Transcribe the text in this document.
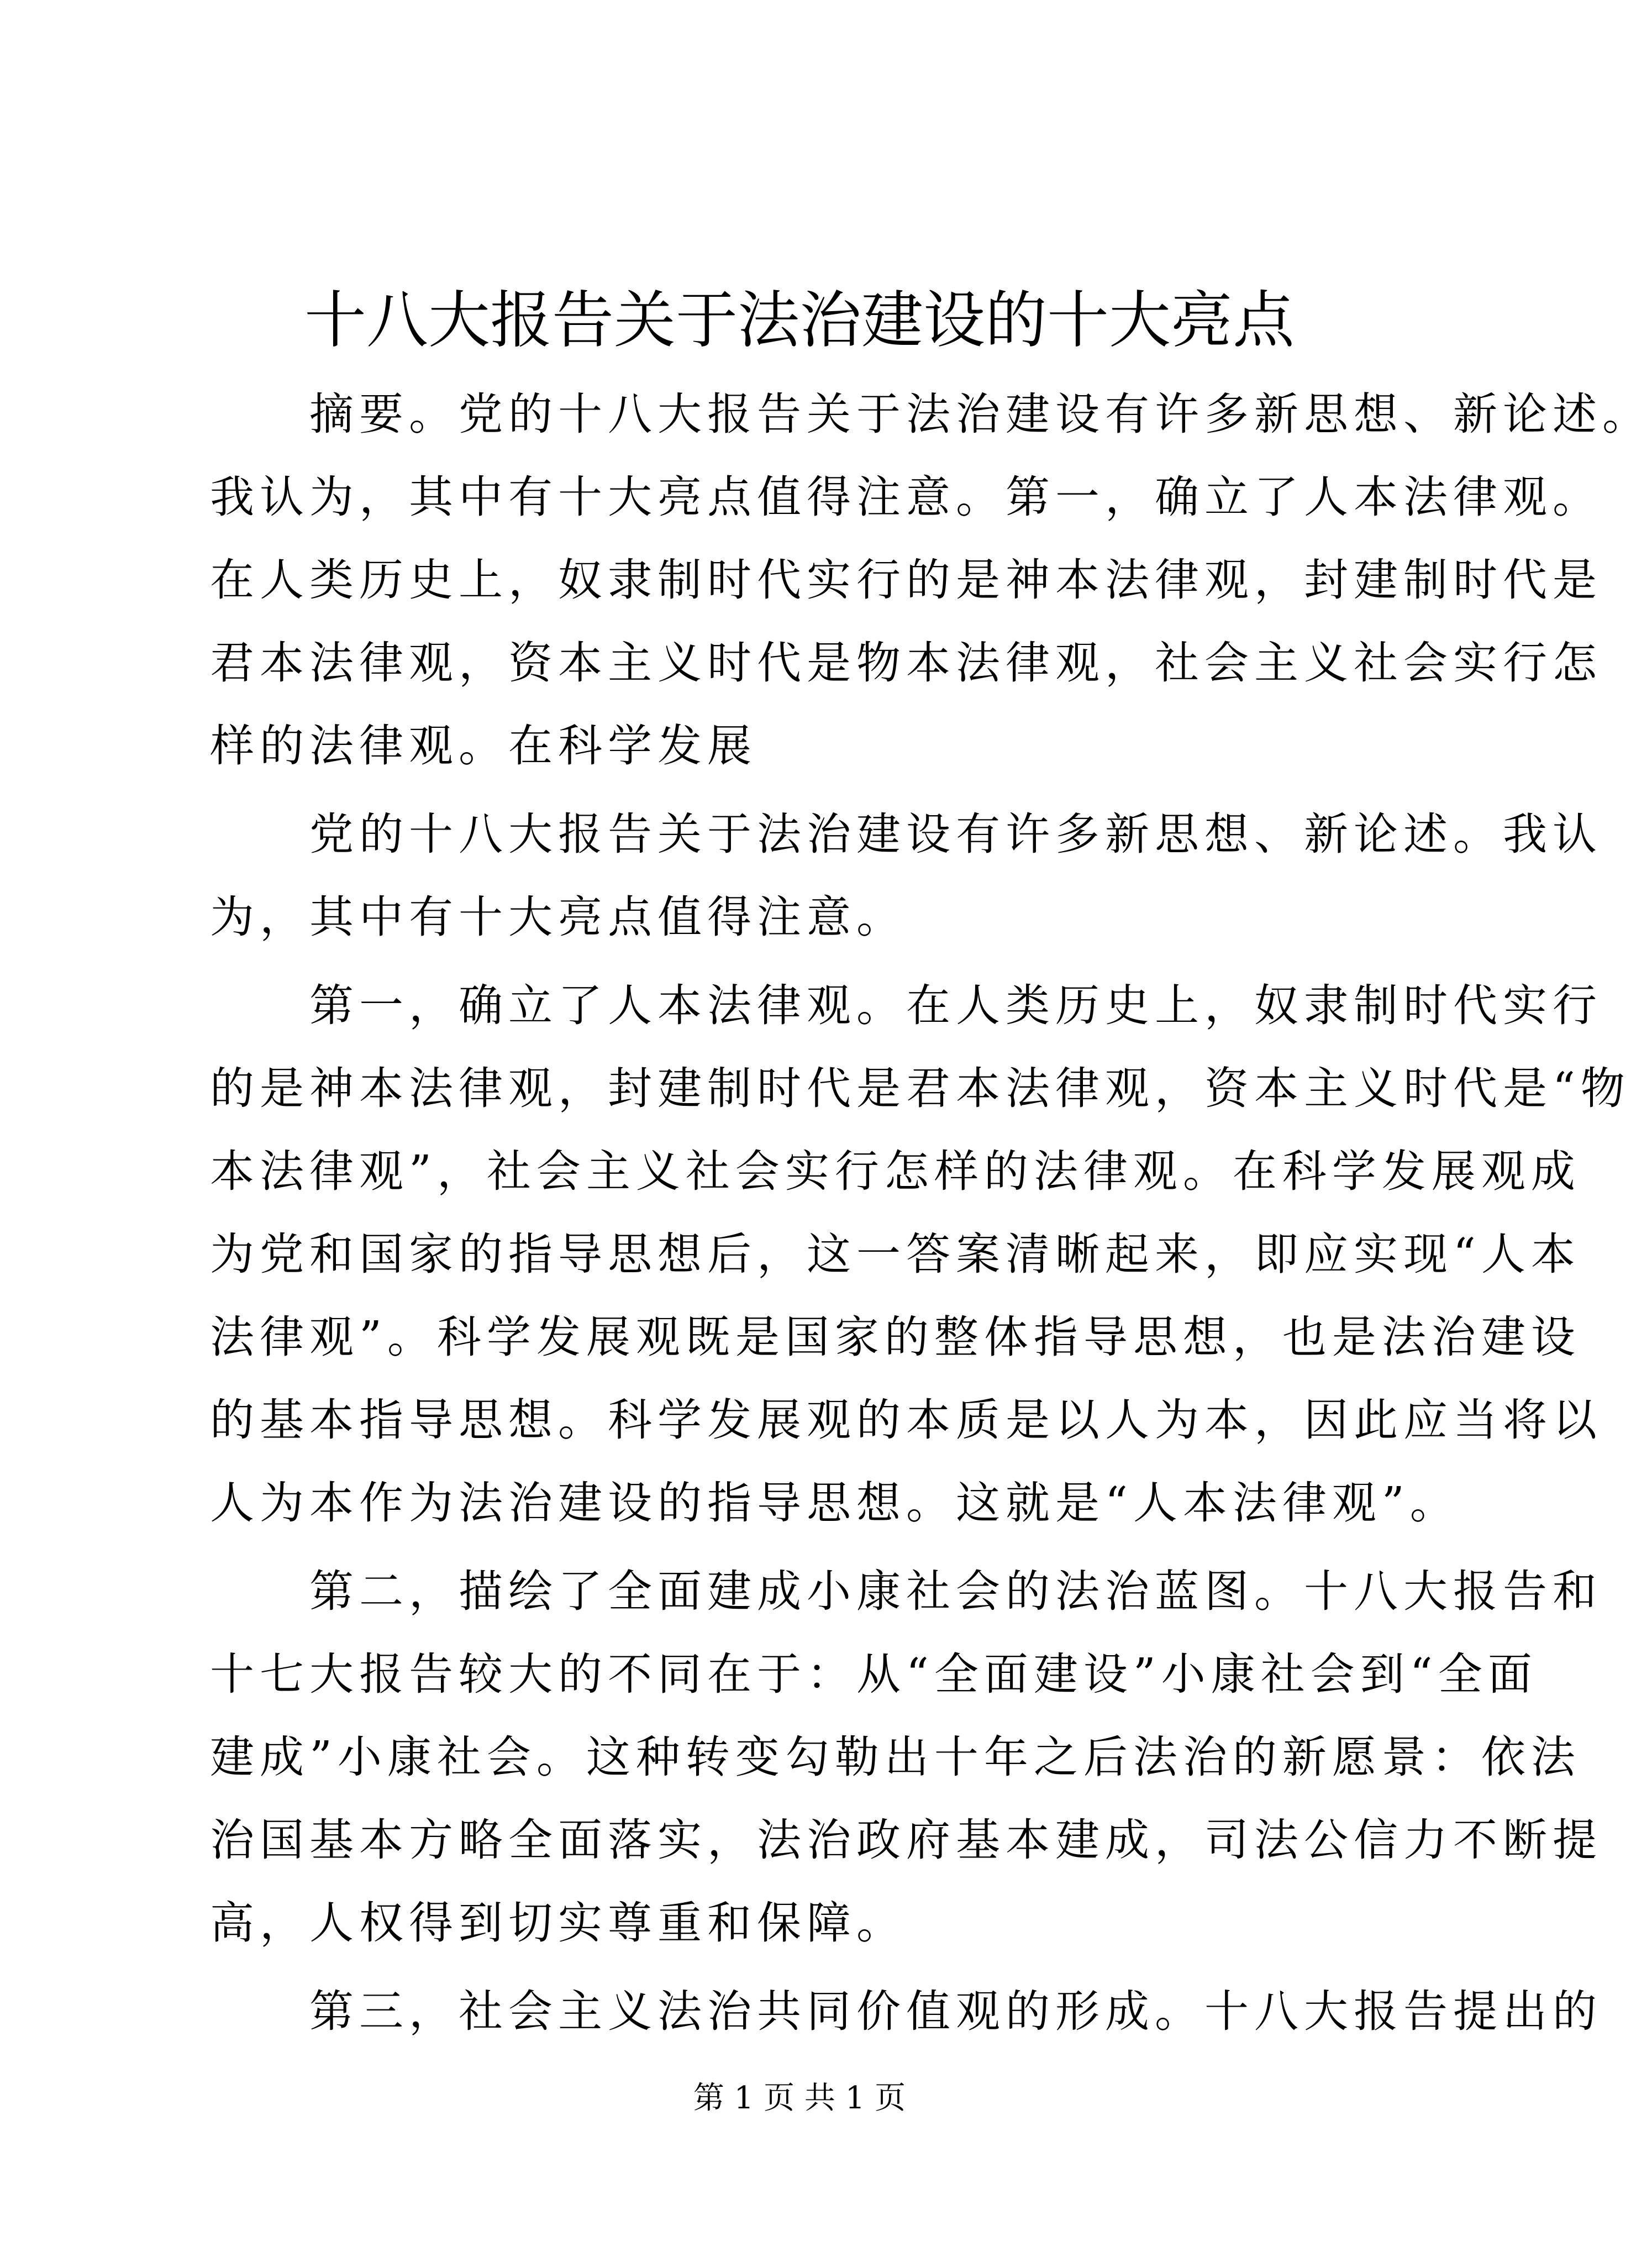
十八大报告关于法治建设的十大亮点
　　摘要。党的十八大报告关于法治建设有许多新思想、新论述。
我认为，其中有十大亮点值得注意。第一，确立了人本法律观。
在人类历史上，奴隶制时代实行的是神本法律观，封建制时代是
君本法律观，资本主义时代是物本法律观，社会主义社会实行怎
样的法律观。在科学发展
　　党的十八大报告关于法治建设有许多新思想、新论述。我认
为，其中有十大亮点值得注意。
　　第一，确立了人本法律观。在人类历史上，奴隶制时代实行
的是神本法律观，封建制时代是君本法律观，资本主义时代是“物
本法律观”，社会主义社会实行怎样的法律观。在科学发展观成
为党和国家的指导思想后，这一答案清晰起来，即应实现“人本
法律观”。科学发展观既是国家的整体指导思想，也是法治建设
的基本指导思想。科学发展观的本质是以人为本，因此应当将以
人为本作为法治建设的指导思想。这就是“人本法律观”。
　　第二，描绘了全面建成小康社会的法治蓝图。十八大报告和
十七大报告较大的不同在于：从“全面建设”小康社会到“全面
建成”小康社会。这种转变勾勒出十年之后法治的新愿景：依法
治国基本方略全面落实，法治政府基本建成，司法公信力不断提
高，人权得到切实尊重和保障。
　　第三，社会主义法治共同价值观的形成。十八大报告提出的
第 1 页 共 1 页
